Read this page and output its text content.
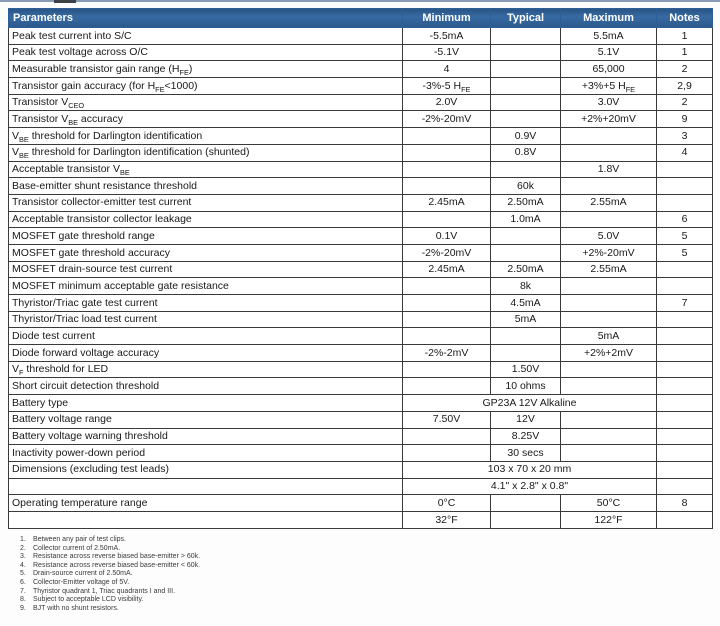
Parameters	Minimum	Typical	Maximum	Notes
Peak test current into S/C	-5.5mA		5.5mA	1
Peak test voltage across O/C	-5.1V		5.1V	1
Measurable transistor gain range $(H_{FE})$	4		65,000	2
Transistor gain accuracy (for $H_{FE}<1000$)	-3%-5 $H_{FE}$		+3%+5 $H_{FE}$	2,9
Transistor $V_{CEO}$	2.0V		3.0V	2
Transistor $V_{BE}$ accuracy	-2%-20mV		+2%+20mV	9
$V_{BE}$ threshold for Darlington identification		0.9V		3
$V_{BE}$ threshold for Darlington identification (shunted)		0.8V		4
Acceptable transistor $V_{BE}$			1.8V	
Base-emitter shunt resistance threshold		60k		
Transistor collector-emitter test current	2.45mA	2.50mA	2.55mA	
Acceptable transistor collector leakage		1.0mA		6
MOSFET gate threshold range	0.1V		5.0V	5
MOSFET gate threshold accuracy	-2%-20mV		+2%-20mV	5
MOSFET drain-source test current	2.45mA	2.50mA	2.55mA	
MOSFET minimum acceptable gate resistance		8k		
Thyristor/Triac gate test current		4.5mA		7
Thyristor/Triac load test current		5mA		
Diode test current			5mA	
Diode forward voltage accuracy	-2%-2mV		+2%+2mV	
$V_F$ threshold for LED		1.50V		
Short circuit detection threshold		10 ohms		
Battery type	GP23A 12V Alkaline			
Battery voltage range	7.50V	12V		
Battery voltage warning threshold		8.25V		
Inactivity power-down period		30 secs		
Dimensions (excluding test leads)	103 x 70 x 20 mm			
	4.1" x 2.8" x 0.8"			
Operating temperature range	0°C		50°C	8
	32°F		122°F	
1.	Between any pair of test clips.
2.	Collector current of 2.50mA.
3.	Resistance across reverse biased base-emitter > 60k.
4.	Resistance across reverse biased base-emitter < 60k.
5.	Drain-source current of 2.50mA.
6.	Collector-Emitter voltage of 5V.
7.	Thyristor quadrant 1, Triac quadrants I and III.
8.	Subject to acceptable LCD visibility.
9.	BJT with no shunt resistors.
